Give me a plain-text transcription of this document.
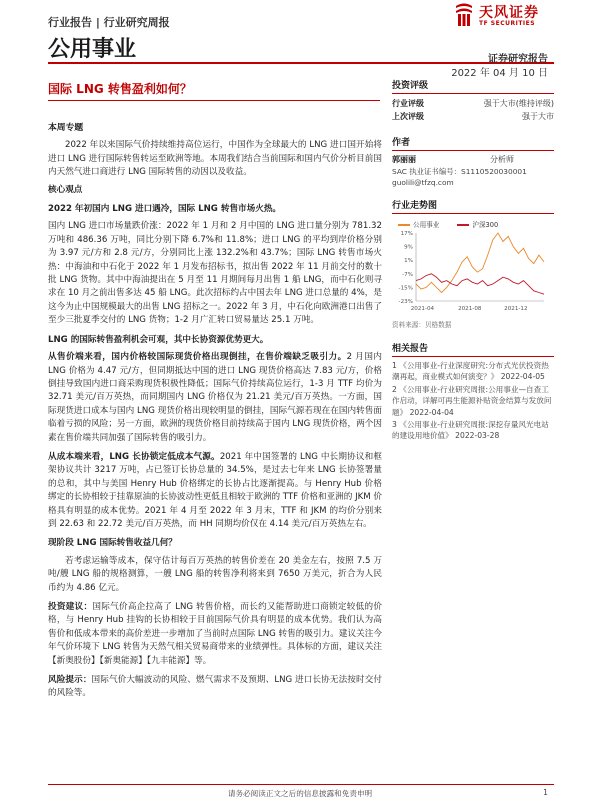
行业报告 | 行业研究周报
公用事业
天风证券
TF SECURITIES
证券研究报告
2022 年 04 月 10 日
国际 LNG 转售盈利如何？
本周专题
2022 年以来国际气价持续维持高位运行，中国作为全球最大的 LNG 进口国开始将进口 LNG 进行国际转售转运至欧洲等地。本周我们结合当前国际和国内气价分析目前国内天然气进口商进行 LNG 国际转售的动因以及收益。
核心观点
2022 年初国内 LNG 进口遇冷，国际 LNG 转售市场火热。
国内 LNG 进口市场量跌价涨：2022 年 1 月和 2 月中国的 LNG 进口量分别为 781.32 万吨和 486.36 万吨，同比分别下降 6.7%和 11.8%；进口 LNG 的平均到岸价格分别为 3.97 元/方和 2.8 元/方，分别同比上涨 132.2%和 43.7%；国际 LNG 转售市场火热：中海油和中石化于 2022 年 1 月发布招标书，拟出售 2022 年 11 月前交付的数十批 LNG 货物。其中中海油提出在 5 月至 11 月期间每月出售 1 船 LNG，而中石化则寻求在 10 月之前出售多达 45 船 LNG。此次招标约占中国去年 LNG 进口总量的 4%，是这今为止中国规模最大的出售 LNG 招标之一。2022 年 3 月，中石化向欧洲港口出售了至少三批夏季交付的 LNG 货物；1-2 月广汇转口贸易量达 25.1 万吨。
LNG 的国际转售盈利机会可观，其中长协资源优势更大。
从售价端来看，国内价格较国际现货价格出现倒挂，在售价端缺乏吸引力。2 月国内 LNG 价格为 4.47 元/方，但同期抵达中国的进口 LNG 现货价格高达 7.83 元/方，价格倒挂导致国内进口商采购现货积极性降低；国际气价持续高位运行，1-3 月 TTF 均价为 32.71 美元/百万英热，而同期国内 LNG 价格仅为 21.21 美元/百万英热。一方面，国际现货进口成本与国内 LNG 现货价格出现较明显的倒挂，国际气源若现在在国内转售面临着亏损的风险；另一方面，欧洲的现货价格目前持续高于国内 LNG 现货价格，两个因素在售价端共同加强了国际转售的吸引力。
从成本端来看，LNG 长协锁定低成本气源。2021 年中国签署的 LNG 中长期协议和框架协议共计 3217 万吨，占已签订长协总量的 34.5%，是过去七年来 LNG 长协签署量的总和，其中与美国 Henry Hub 价格绑定的长协占比逐渐提高。与 Henry Hub 价格绑定的长协相较于挂靠原油的长协波动性更低且相较于欧洲的 TTF 价格和亚洲的 JKM 价格具有明显的成本优势。2021 年 4 月至 2022 年 3 月末，TTF 和 JKM 的均价分别来到 22.63 和 22.72 美元/百万英热，而 HH 同期均价仅在 4.14 美元/百万英热左右。
现阶段 LNG 国际转售收益几何？
若考虑运输等成本，保守估计每百万英热的转售价差在 20 美金左右，按照 7.5 万吨/艘 LNG 船的规格测算，一艘 LNG 船的转售净利将来到 7650 万美元，折合为人民币约为 4.86 亿元。
投资建议：国际气价高企拉高了 LNG 转售价格，而长约又能帮助进口商锁定较低的价格，与 Henry Hub 挂钩的长协相较于目前国际气价具有明显的成本优势。我们认为高售价和低成本带来的高价差进一步增加了当前时点国际 LNG 转售的吸引力。建议关注今年气价环境下 LNG 转售为天然气相关贸易商带来的业绩弹性。具体标的方面，建议关注【新奥股份】【新奥能源】【九丰能源】等。
风险提示：国际气价大幅波动的风险、燃气需求不及预期、LNG 进口长协无法按时交付的风险等。
投资评级
行业评级	强于大市(维持评级)
上次评级	强于大市
作者
郭丽丽	分析师
SAC 执业证书编号：S1110520030001
guolili@tfzq.com
行业走势图
公用事业	沪深300
17%
9%
1%
-7%
-15%
-23%
2021-04	2021-08	2021-12
资料来源：贝格数据
相关报告
1 《公用事业-行业深度研究:分布式光伏投资热潮再起，商业模式如何演变？》 2022-04-05
2 《公用事业-行业研究周报:公用事业—自查工作启动，详解可再生能源补贴资金结算与发放问题》 2022-04-04
3 《公用事业-行业研究周报:深挖存量风光电站的建设用地价值》 2022-03-28
请务必阅读正文之后的信息披露和免责申明	1
